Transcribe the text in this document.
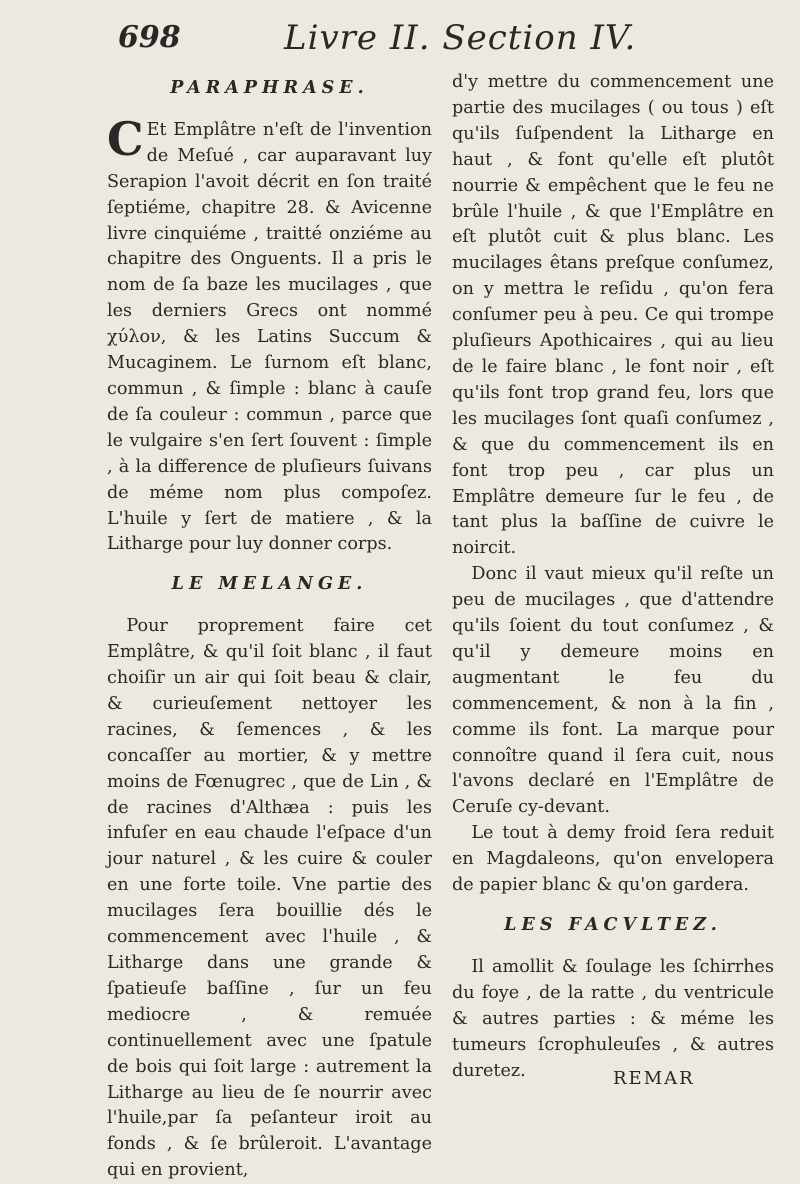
698	Livre II. Section IV.
PARAPHRASE.

C Et Emplâtre n'eſt de l'invention de Meſué , car auparavant luy Serapion l'avoit décrit en ſon traité ſeptiéme, chapitre 28. & Avicenne livre cinquiéme , traitté onziéme au chapitre des Onguents. Il a pris le nom de ſa baze les mucilages , que les derniers Grecs ont nommé χύλον, & les Latins Succum & Mucaginem. Le ſurnom eſt blanc, commun , & ſimple : blanc à cauſe de ſa couleur : commun , parce que le vulgaire s'en ſert ſouvent : ſimple , à la difference de pluſieurs ſuivans de méme nom plus compoſez. L'huile y ſert de matiere , & la Litharge pour luy donner corps.

LE MELANGE.

Pour proprement faire cet Emplâtre, & qu'il ſoit blanc , il faut choiſir un air qui ſoit beau & clair, & curieuſement nettoyer les racines, & ſemences , & les concaſſer au mortier, & y mettre moins de Fœnugrec , que de Lin , & de racines d'Althæa : puis les infuſer en eau chaude l'eſpace d'un jour naturel , & les cuire & couler en une forte toile. Vne partie des mucilages ſera bouillie dés le commencement avec l'huile , & Litharge dans une grande & ſpatieuſe baſſine , ſur un feu mediocre , & remuée continuellement avec une ſpatule de bois qui ſoit large : autrement la Litharge au lieu de ſe nourrir avec l'huile,par ſa peſanteur iroit au fonds , & ſe brûleroit. L'avantage qui en provient,

d'y mettre du commencement une partie des mucilages ( ou tous ) eſt qu'ils ſuſpendent la Litharge en haut , & font qu'elle eſt plutôt nourrie & empêchent que le feu ne brûle l'huile , & que l'Emplâtre en eſt plutôt cuit & plus blanc. Les mucilages êtans preſque conſumez, on y mettra le reſidu , qu'on fera conſumer peu à peu. Ce qui trompe pluſieurs Apothicaires , qui au lieu de le faire blanc , le font noir , eſt qu'ils font trop grand feu, lors que les mucilages ſont quaſi conſumez , & que du commencement ils en font trop peu , car plus un Emplâtre demeure ſur le feu , de tant plus la baſſine de cuivre le noircit.

Donc il vaut mieux qu'il reſte un peu de mucilages , que d'attendre qu'ils ſoient du tout conſumez , & qu'il y demeure moins en augmentant le feu du commencement, & non à la fin , comme ils font. La marque pour connoître quand il ſera cuit, nous l'avons declaré en l'Emplâtre de Ceruſe cy-devant.

Le tout à demy froid ſera reduit en Magdaleons, qu'on envelopera de papier blanc & qu'on gardera.

LES FACVLTEZ.

Il amollit & ſoulage les ſchirrhes du foye , de la ratte , du ventricule & autres parties : & méme les tumeurs ſcrophuleuſes , & autres duretez.	REMAR
